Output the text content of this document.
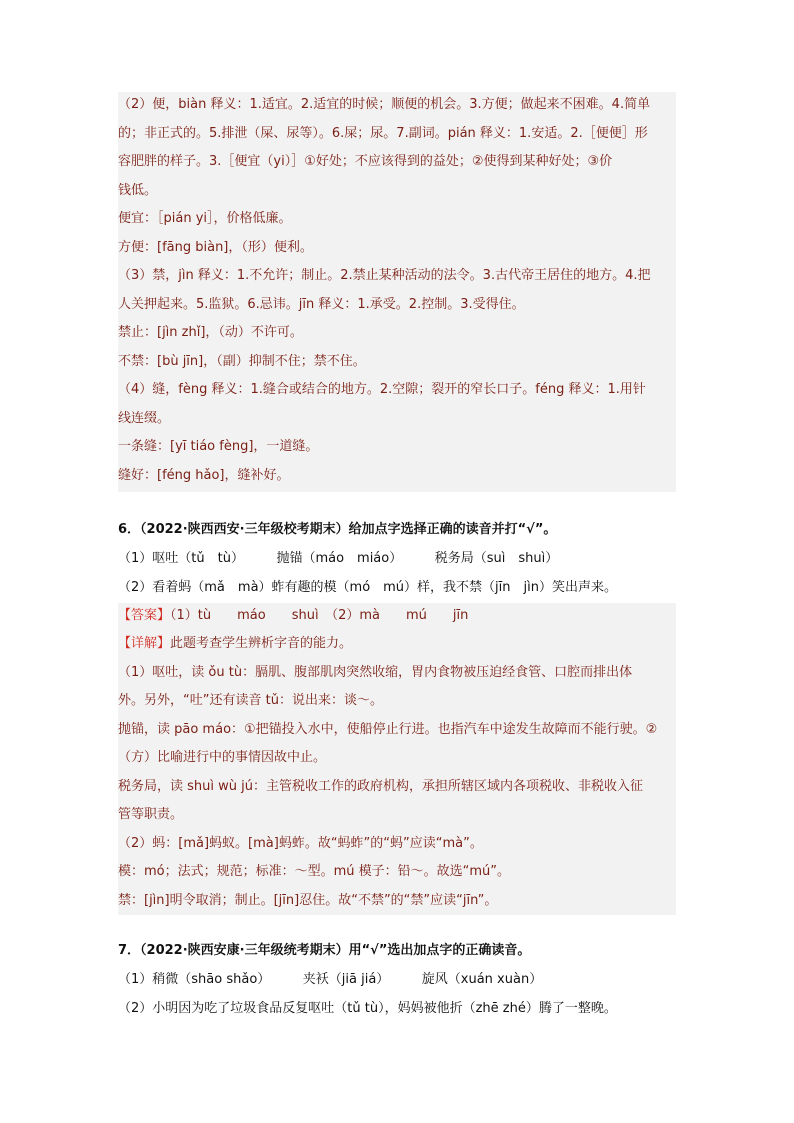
（2）便，biàn 释义：1.适宜。2.适宜的时候；顺便的机会。3.方便；做起来不困难。4.简单
的；非正式的。5.排泄（屎、尿等）。6.屎；尿。7.副词。pián 释义：1.安适。2.［便便］形
容肥胖的样子。3.［便宜（yi）］①好处；不应该得到的益处；②使得到某种好处；③价
钱低。
便宜：［pián yi］，价格低廉。
方便：[fāng biàn]，（形）便利。
（3）禁，jìn 释义：1.不允许；制止。2.禁止某种活动的法令。3.古代帝王居住的地方。4.把
人关押起来。5.监狱。6.忌讳。jīn 释义：1.承受。2.控制。3.受得住。
禁止：[jìn zhǐ]，（动）不许可。
不禁：[bù jīn]，（副）抑制不住；禁不住。
（4）缝，fèng 释义：1.缝合或结合的地方。2.空隙；裂开的窄长口子。féng 释义：1.用针
线连缀。
一条缝：[yī tiáo fèng]，一道缝。
缝好：[féng hǎo]，缝补好。
6．（2022·陕西西安·三年级校考期末）给加点字选择正确的读音并打“√”。
（1）呕吐（tǔ　tù）　　　抛锚（máo　miáo）　　　税务局（suì　shuì）
（2）看着蚂（mǎ　mà）蚱有趣的模（mó　mú）样，我不禁（jīn　jìn）笑出声来。
【答案】（1）tù　　máo　　shuì　（2）mà　　mú　　jīn
【详解】此题考查学生辨析字音的能力。
（1）呕吐，读 ǒu tù：膈肌、腹部肌肉突然收缩，胃内食物被压迫经食管、口腔而排出体
外。另外，“吐”还有读音 tǔ：说出来：谈～。
抛锚，读 pāo máo：①把锚投入水中，使船停止行进。也指汽车中途发生故障而不能行驶。②
（方）比喻进行中的事情因故中止。
税务局，读 shuì wù jú：主管税收工作的政府机构，承担所辖区域内各项税收、非税收入征
管等职责。
（2）蚂：[mǎ]蚂蚁。[mà]蚂蚱。故“蚂蚱”的“蚂”应读“mà”。
模：mó；法式；规范；标准：～型。mú 模子：铅～。故选“mú”。
禁：[jìn]明令取消；制止。[jīn]忍住。故“不禁”的“禁”应读“jīn”。
7．（2022·陕西安康·三年级统考期末）用“√”选出加点字的正确读音。
（1）稍微（shāo shǎo）　　　夹袄（jiā jiá）　　　旋风（xuán xuàn）
（2）小明因为吃了垃圾食品反复呕吐（tǔ tù），妈妈被他折（zhē zhé）腾了一整晚。
